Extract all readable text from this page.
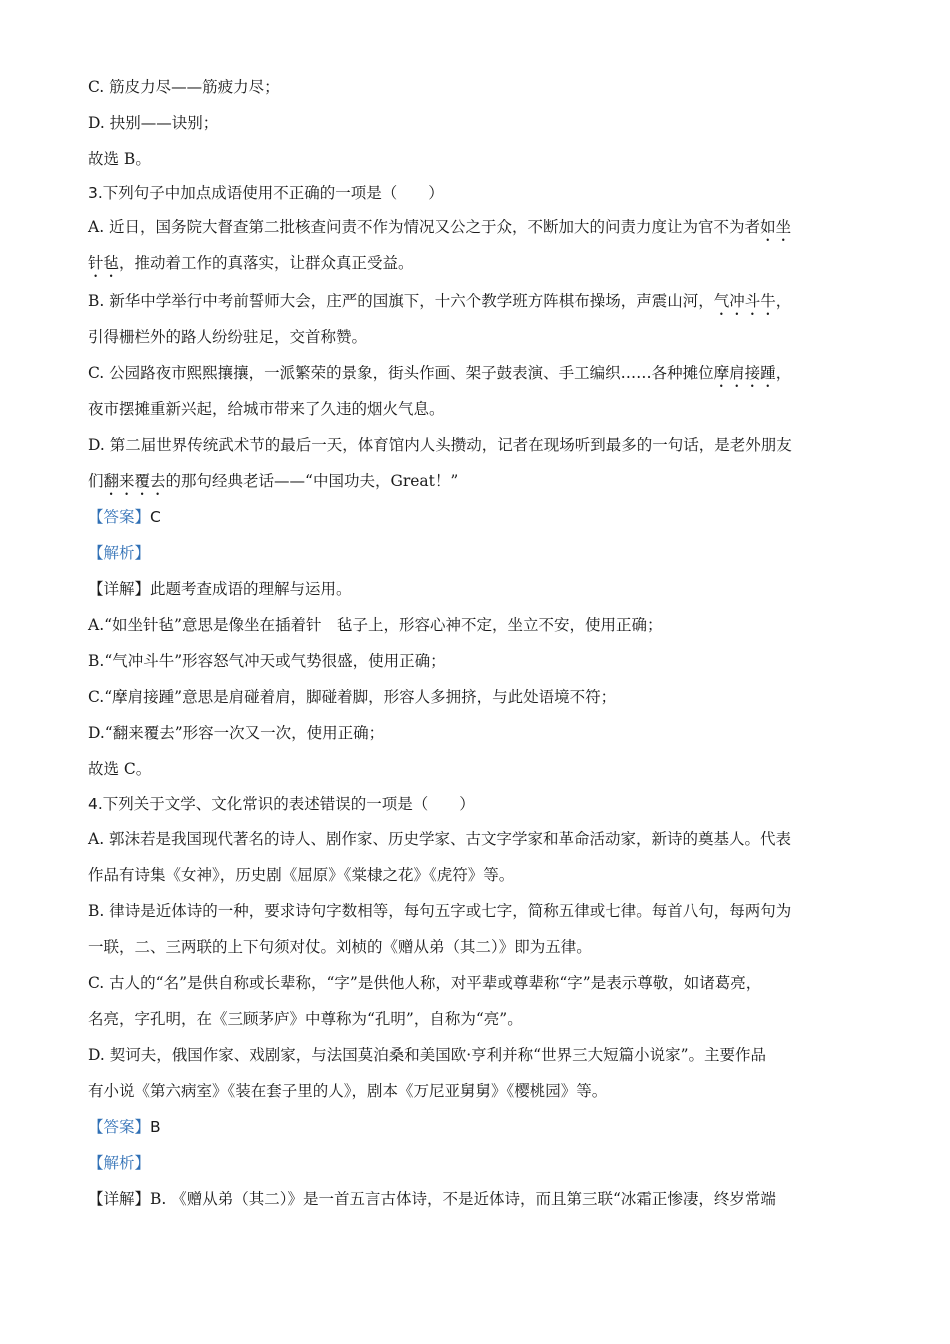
C. 筋皮力尽——筋疲力尽；
D. 抉别——诀别；
故选 B。
3.下列句子中加点成语使用不正确的一项是（　　）
A. 近日，国务院大督查第二批核查问责不作为情况又公之于众，不断加大的问责力度让为官不为者如坐
针毡，推动着工作的真落实，让群众真正受益。
B. 新华中学举行中考前誓师大会，庄严的国旗下，十六个教学班方阵棋布操场，声震山河，气冲斗牛，
引得栅栏外的路人纷纷驻足，交首称赞。
C. 公园路夜市熙熙攘攘，一派繁荣的景象，街头作画、架子鼓表演、手工编织……各种摊位摩肩接踵，
夜市摆摊重新兴起，给城市带来了久违的烟火气息。
D. 第二届世界传统武术节的最后一天，体育馆内人头攒动，记者在现场听到最多的一句话，是老外朋友
们翻来覆去的那句经典老话——“中国功夫，Great！”
【答案】C
【解析】
【详解】此题考查成语的理解与运用。
A.“如坐针毡”意思是像坐在插着针　毡子上，形容心神不定，坐立不安，使用正确；
B.“气冲斗牛”形容怒气冲天或气势很盛，使用正确；
C.“摩肩接踵”意思是肩碰着肩，脚碰着脚，形容人多拥挤，与此处语境不符；
D.“翻来覆去”形容一次又一次，使用正确；
故选 C。
4.下列关于文学、文化常识的表述错误的一项是（　　）
A. 郭沫若是我国现代著名的诗人、剧作家、历史学家、古文字学家和革命活动家，新诗的奠基人。代表
作品有诗集《女神》，历史剧《屈原》《棠棣之花》《虎符》等。
B. 律诗是近体诗的一种，要求诗句字数相等，每句五字或七字，简称五律或七律。每首八句，每两句为
一联，二、三两联的上下句须对仗。刘桢的《赠从弟（其二）》即为五律。
C. 古人的“名”是供自称或长辈称，“字”是供他人称，对平辈或尊辈称“字”是表示尊敬，如诸葛亮，
名亮，字孔明，在《三顾茅庐》中尊称为“孔明”，自称为“亮”。
D. 契诃夫，俄国作家、戏剧家，与法国莫泊桑和美国欧·亨利并称“世界三大短篇小说家”。主要作品
有小说《第六病室》《装在套子里的人》，剧本《万尼亚舅舅》《樱桃园》等。
【答案】B
【解析】
【详解】B. 《赠从弟（其二）》是一首五言古体诗，不是近体诗，而且第三联“冰霜正惨凄，终岁常端
